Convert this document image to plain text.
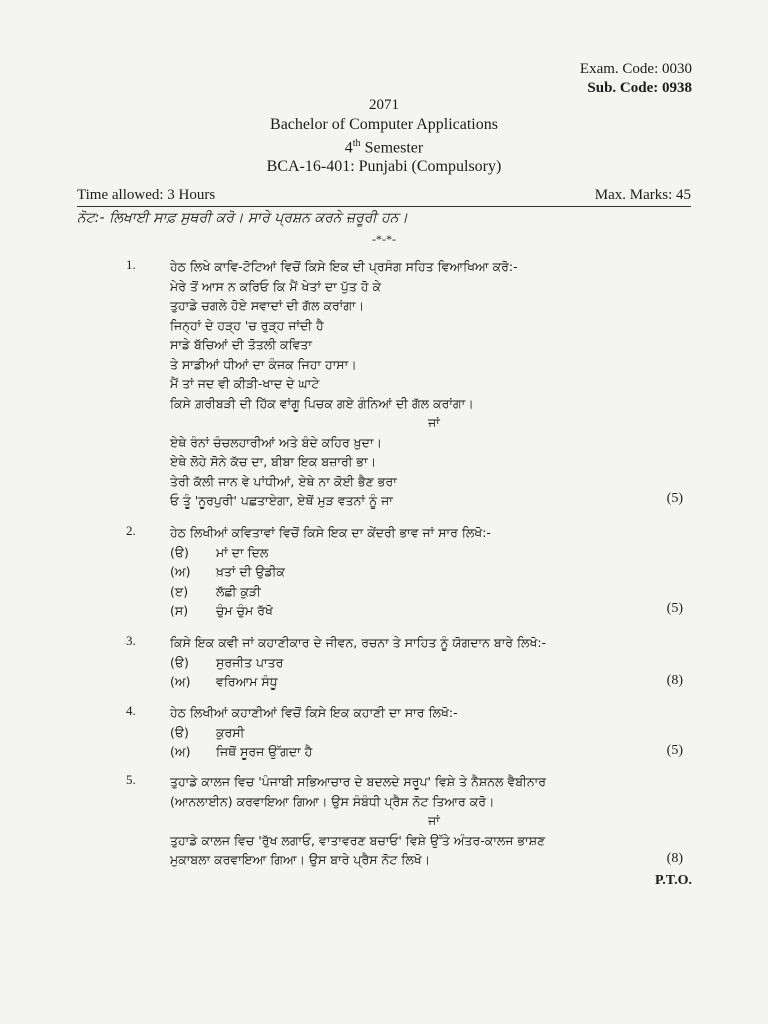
Exam. Code: 0030
Sub. Code: 0938
2071
Bachelor of Computer Applications
4th Semester
BCA-16-401: Punjabi (Compulsory)
Time allowed: 3 Hours	Max. Marks: 45
ਨੋਟ:- ਲਿਖਾਈ ਸਾਫ਼ ਸੁਥਰੀ ਕਰੋ। ਸਾਰੇ ਪ੍ਰਸ਼ਨ ਕਰਨੇ ਜ਼ਰੂਰੀ ਹਨ।
-*-*-
1.	ਹੇਠ ਲਿਖੇ ਕਾਵਿ-ਟੋਟਿਆਂ ਵਿਚੋਂ ਕਿਸੇ ਇਕ ਦੀ ਪ੍ਰਸੰਗ ਸਹਿਤ ਵਿਆਖਿਆ ਕਰੋ:-
ਮੇਰੇ ਤੋਂ ਆਸ ਨ ਕਰਿਓ ਕਿ ਮੈਂ ਖੇਤਾਂ ਦਾ ਪੁੱਤ ਹੋ ਕੇ
ਤੁਹਾਡੇ ਚਗਲੇ ਹੋਏ ਸਵਾਦਾਂ ਦੀ ਗੱਲ ਕਰਾਂਗਾ।
ਜਿਨ੍ਹਾਂ ਦੇ ਹੜ੍ਹ 'ਚ ਰੁੜ੍ਹ ਜਾਂਦੀ ਹੈ
ਸਾਡੇ ਬੱਚਿਆਂ ਦੀ ਤੋਤਲੀ ਕਵਿਤਾ
ਤੇ ਸਾਡੀਆਂ ਧੀਆਂ ਦਾ ਕੰਜਕ ਜਿਹਾ ਹਾਸਾ।
ਮੈਂ ਤਾਂ ਜਦ ਵੀ ਕੀੜੀ-ਖਾਦ ਦੇ ਘਾਟੇ
ਕਿਸੇ ਗ਼ਰੀਬੜੀ ਦੀ ਹਿੱਕ ਵਾਂਗੂ ਪਿਚਕ ਗਏ ਗੰਨਿਆਂ ਦੀ ਗੱਲ ਕਰਾਂਗਾ।
ਜਾਂ
ਏਥੇ ਰੰਨਾਂ ਚੰਚਲਹਾਰੀਆਂ ਅਤੇ ਬੰਦੇ ਕਹਿਰ ਖ਼ੁਦਾ।
ਏਥੇ ਲੋਹੇ ਸੋਨੇ ਕੱਚ ਦਾ, ਬੀਬਾ ਇਕ ਬਜ਼ਾਰੀ ਭਾ।
ਤੇਰੀ ਕੱਲੀ ਜਾਨ ਵੇ ਪਾਂਧੀਆਂ, ਏਥੇ ਨਾ ਕੋਈ ਭੈਣ ਭਰਾ
ਓ ਤੂੰ 'ਨੂਰਪੁਰੀ' ਪਛਤਾਏਗਾ, ਏਥੋਂ ਮੁੜ ਵਤਨਾਂ ਨੂੰ ਜਾ	(5)
2.	ਹੇਠ ਲਿਖੀਆਂ ਕਵਿਤਾਵਾਂ ਵਿਚੋਂ ਕਿਸੇ ਇਕ ਦਾ ਕੇਂਦਰੀ ਭਾਵ ਜਾਂ ਸਾਰ ਲਿਖੋ:-
(ੳ) ਮਾਂ ਦਾ ਦਿਲ
(ਅ) ਖ਼ਤਾਂ ਦੀ ਉਡੀਕ
(ੲ) ਲੱਛੀ ਕੁੜੀ
(ਸ) ਚੁੰਮ ਚੁੰਮ ਰੱਖੋ	(5)
3.	ਕਿਸੇ ਇਕ ਕਵੀ ਜਾਂ ਕਹਾਣੀਕਾਰ ਦੇ ਜੀਵਨ, ਰਚਨਾ ਤੇ ਸਾਹਿਤ ਨੂੰ ਯੋਗਦਾਨ ਬਾਰੇ ਲਿਖੋ:-
(ੳ) ਸੁਰਜੀਤ ਪਾਤਰ
(ਅ) ਵਰਿਆਮ ਸੰਧੂ	(8)
4.	ਹੇਠ ਲਿਖੀਆਂ ਕਹਾਣੀਆਂ ਵਿਚੋਂ ਕਿਸੇ ਇਕ ਕਹਾਣੀ ਦਾ ਸਾਰ ਲਿਖੋ:-
(ੳ) ਕੁਰਸੀ
(ਅ) ਜਿਥੋਂ ਸੂਰਜ ਉੱਗਦਾ ਹੈ	(5)
5.	ਤੁਹਾਡੇ ਕਾਲਜ ਵਿਚ 'ਪੰਜਾਬੀ ਸਭਿਆਚਾਰ ਦੇ ਬਦਲਦੇ ਸਰੂਪ' ਵਿਸ਼ੇ ਤੇ ਨੈਸ਼ਨਲ ਵੈਬੀਨਾਰ
(ਆਨਲਾਈਨ) ਕਰਵਾਇਆ ਗਿਆ। ਉਸ ਸੰਬੰਧੀ ਪ੍ਰੈਸ ਨੋਟ ਤਿਆਰ ਕਰੋ।
ਜਾਂ
ਤੁਹਾਡੇ ਕਾਲਜ ਵਿਚ 'ਰੁੱਖ ਲਗਾਓ, ਵਾਤਾਵਰਣ ਬਚਾਓ' ਵਿਸ਼ੇ ਉੱਤੇ ਅੰਤਰ-ਕਾਲਜ ਭਾਸ਼ਣ
ਮੁਕਾਬਲਾ ਕਰਵਾਇਆ ਗਿਆ। ਉਸ ਬਾਰੇ ਪ੍ਰੈਸ ਨੋਟ ਲਿਖੋ।	(8)
P.T.O.
